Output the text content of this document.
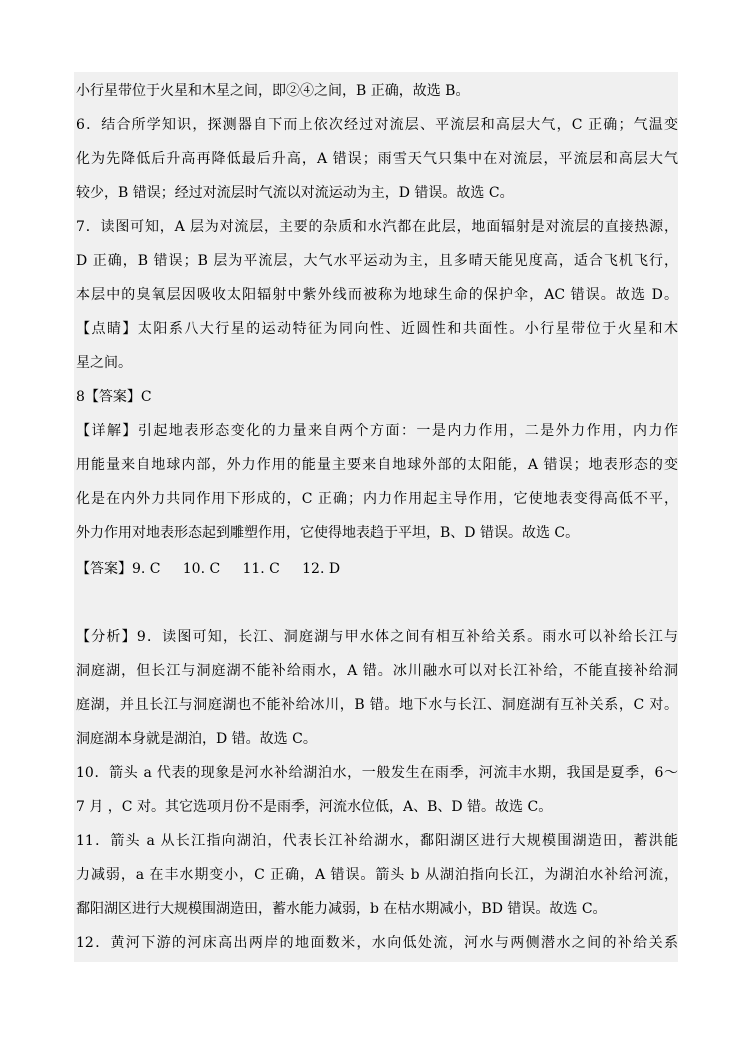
小行星带位于火星和木星之间，即②④之间，B 正确，故选 B。
6．结合所学知识，探测器自下而上依次经过对流层、平流层和高层大气，C 正确；气温变
化为先降低后升高再降低最后升高，A 错误；雨雪天气只集中在对流层，平流层和高层大气
较少，B 错误；经过对流层时气流以对流运动为主，D 错误。故选 C。
7．读图可知，A 层为对流层，主要的杂质和水汽都在此层，地面辐射是对流层的直接热源，
D 正确，B 错误；B 层为平流层，大气水平运动为主，且多晴天能见度高，适合飞机飞行，
本层中的臭氧层因吸收太阳辐射中紫外线而被称为地球生命的保护伞，AC 错误。故选 D。
【点睛】太阳系八大行星的运动特征为同向性、近圆性和共面性。小行星带位于火星和木
星之间。
8【答案】C
【详解】引起地表形态变化的力量来自两个方面：一是内力作用，二是外力作用，内力作
用能量来自地球内部，外力作用的能量主要来自地球外部的太阳能，A 错误；地表形态的变
化是在内外力共同作用下形成的，C 正确；内力作用起主导作用，它使地表变得高低不平，
外力作用对地表形态起到雕塑作用，它使得地表趋于平坦，B、D 错误。故选 C。
【答案】9. C     10. C     11. C     12. D
【分析】9．读图可知，长江、洞庭湖与甲水体之间有相互补给关系。雨水可以补给长江与
洞庭湖，但长江与洞庭湖不能补给雨水，A 错。冰川融水可以对长江补给，不能直接补给洞
庭湖，并且长江与洞庭湖也不能补给冰川，B 错。地下水与长江、洞庭湖有互补关系，C 对。
洞庭湖本身就是湖泊，D 错。故选 C。
10．箭头 a 代表的现象是河水补给湖泊水，一般发生在雨季，河流丰水期，我国是夏季，6～
7 月 ，C 对。其它选项月份不是雨季，河流水位低，A、B、D 错。故选 C。
11．箭头 a 从长江指向湖泊，代表长江补给湖水，鄱阳湖区进行大规模围湖造田，蓄洪能
力减弱，a 在丰水期变小，C 正确，A 错误。箭头 b 从湖泊指向长江，为湖泊水补给河流，
鄱阳湖区进行大规模围湖造田，蓄水能力减弱，b 在枯水期减小，BD 错误。故选 C。
12．黄河下游的河床高出两岸的地面数米，水向低处流，河水与两侧潜水之间的补给关系
